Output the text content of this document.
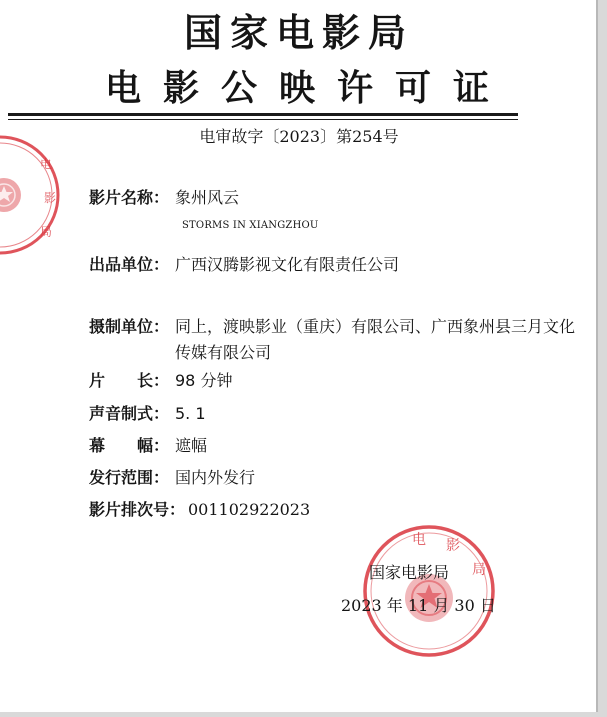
电
影
局
电 影
局
国家电影局
电 影 公 映 许 可 证
电审故字〔2023〕第254号
影片名称： 象州风云
STORMS IN XIANGZHOU
出品单位： 广西汉腾影视文化有限责任公司
摄制单位： 同上，渡映影业（重庆）有限公司、广西象州县三月文化传媒有限公司
片　　长： 98 分钟
声音制式： 5. 1
幕　　幅： 遮幅
发行范围： 国内外发行
影片排次号： 001102922023
国家电影局
2023 年 11 月 30 日
